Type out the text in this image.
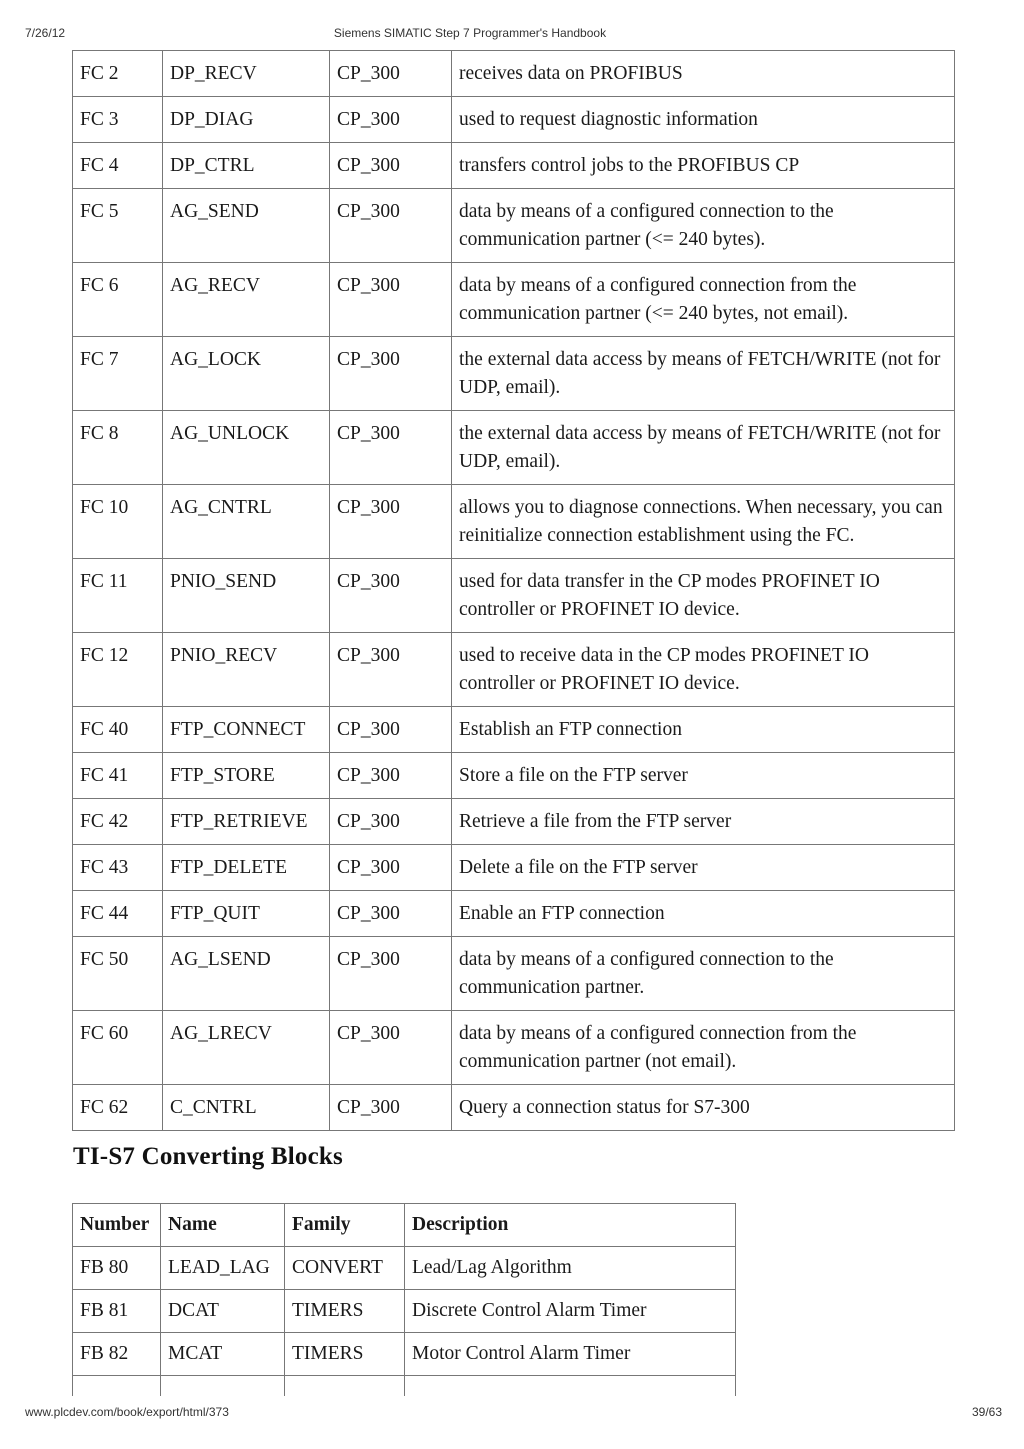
7/26/12	Siemens SIMATIC Step 7 Programmer's Handbook
FC 2	DP_RECV	CP_300	receives data on PROFIBUS
FC 3	DP_DIAG	CP_300	used to request diagnostic information
FC 4	DP_CTRL	CP_300	transfers control jobs to the PROFIBUS CP
FC 5	AG_SEND	CP_300	data by means of a configured connection to the communication partner (<= 240 bytes).
FC 6	AG_RECV	CP_300	data by means of a configured connection from the communication partner (<= 240 bytes, not email).
FC 7	AG_LOCK	CP_300	the external data access by means of FETCH/WRITE (not for UDP, email).
FC 8	AG_UNLOCK	CP_300	the external data access by means of FETCH/WRITE (not for UDP, email).
FC 10	AG_CNTRL	CP_300	allows you to diagnose connections. When necessary, you can reinitialize connection establishment using the FC.
FC 11	PNIO_SEND	CP_300	used for data transfer in the CP modes PROFINET IO controller or PROFINET IO device.
FC 12	PNIO_RECV	CP_300	used to receive data in the CP modes PROFINET IO controller or PROFINET IO device.
FC 40	FTP_CONNECT	CP_300	Establish an FTP connection
FC 41	FTP_STORE	CP_300	Store a file on the FTP server
FC 42	FTP_RETRIEVE	CP_300	Retrieve a file from the FTP server
FC 43	FTP_DELETE	CP_300	Delete a file on the FTP server
FC 44	FTP_QUIT	CP_300	Enable an FTP connection
FC 50	AG_LSEND	CP_300	data by means of a configured connection to the communication partner.
FC 60	AG_LRECV	CP_300	data by means of a configured connection from the communication partner (not email).
FC 62	C_CNTRL	CP_300	Query a connection status for S7-300
TI-S7 Converting Blocks
Number	Name	Family	Description
FB 80	LEAD_LAG	CONVERT	Lead/Lag Algorithm
FB 81	DCAT	TIMERS	Discrete Control Alarm Timer
FB 82	MCAT	TIMERS	Motor Control Alarm Timer

www.plcdev.com/book/export/html/373	39/63
